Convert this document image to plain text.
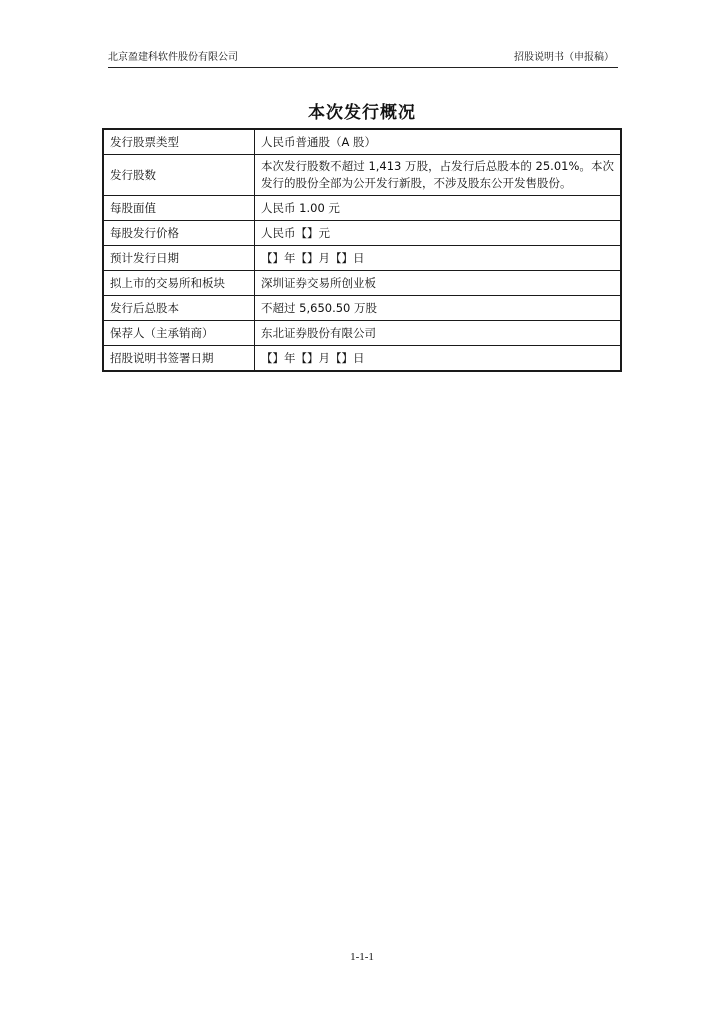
北京盈建科软件股份有限公司	招股说明书（申报稿）
本次发行概况
发行股票类型	人民币普通股（A 股）
发行股数	本次发行股数不超过 1,413 万股，占发行后总股本的 25.01%。本次发行的股份全部为公开发行新股，不涉及股东公开发售股份。
每股面值	人民币 1.00 元
每股发行价格	人民币【】元
预计发行日期	【】年【】月【】日
拟上市的交易所和板块	深圳证券交易所创业板
发行后总股本	不超过 5,650.50 万股
保荐人（主承销商）	东北证券股份有限公司
招股说明书签署日期	【】年【】月【】日
1-1-1
